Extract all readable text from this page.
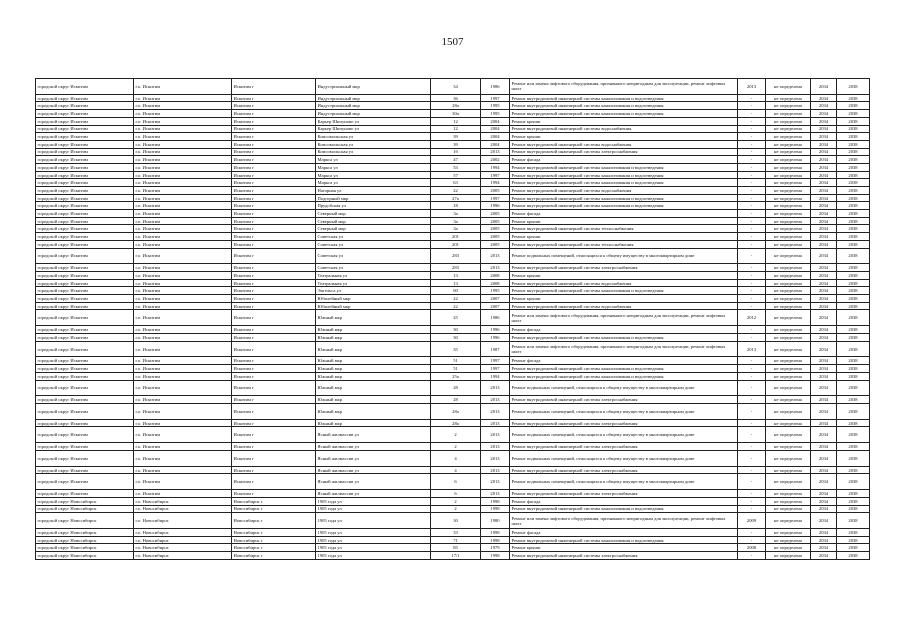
1507
городской округ Искитим	г.о. Искитим	Искитим г	Индустриальный мкр	34	1986	Ремонт или замена лифтового оборудования, признанного непригодным для эксплуатации, ремонт лифтовых шахт	2013	не определена	2034	2038
городской округ Искитим	г.о. Искитим	Искитим г	Индустриальный мкр	36	1997	Ремонт внутридомовой инженерной системы канализования и водоотведения	-	не определена	2034	2038
городской округ Искитим	г.о. Искитим	Искитим г	Индустриальный мкр	28а	1995	Ремонт внутридомовой инженерной системы канализования и водоотведения	-	не определена	2034	2038
городской округ Искитим	г.о. Искитим	Искитим г	Индустриальный мкр	30а	1995	Ремонт внутридомовой инженерной системы канализования и водоотведения	-	не определена	2034	2038
городской округ Искитим	г.о. Искитим	Искитим г	Карьер Шипуново ул	12	2004	Ремонт крыши	-	не определена	2034	2038
городской округ Искитим	г.о. Искитим	Искитим г	Карьер Шипуново ул	12	2004	Ремонт внутридомовой инженерной системы водоснабжения	-	не определена	2034	2038
городской округ Искитим	г.о. Искитим	Искитим г	Комсомольская ул	39	2004	Ремонт крыши	-	не определена	2034	2038
городской округ Искитим	г.о. Искитим	Искитим г	Комсомольская ул	39	2004	Ремонт внутридомовой инженерной системы водоснабжения	-	не определена	2034	2038
городской округ Искитим	г.о. Искитим	Искитим г	Комсомольская ул	1б	2013	Ремонт внутридомовой инженерной системы электроснабжения	-	не определена	2034	2038
городской округ Искитим	г.о. Искитим	Искитим г	Маркса ул	47	2002	Ремонт фасада	-	не определена	2034	2038
городской округ Искитим	г.о. Искитим	Искитим г	Маркса ул	53	1994	Ремонт внутридомовой инженерной системы канализования и водоотведения	-	не определена	2034	2038
городской округ Искитим	г.о. Искитим	Искитим г	Маркса ул	57	1997	Ремонт внутридомовой инженерной системы канализования и водоотведения	-	не определена	2034	2038
городской округ Искитим	г.о. Искитим	Искитим г	Маркса ул	63	1994	Ремонт внутридомовой инженерной системы канализования и водоотведения	-	не определена	2034	2038
городской округ Искитим	г.о. Искитим	Искитим г	Нагорная ул	22	2005	Ремонт внутридомовой инженерной системы водоснабжения	-	не определена	2034	2038
городской округ Искитим	г.о. Искитим	Искитим г	Подгорный мкр	27а	1997	Ремонт внутридомовой инженерной системы канализования и водоотведения	-	не определена	2034	2038
городской округ Искитим	г.о. Искитим	Искитим г	Прудобская ул	18	1996	Ремонт внутридомовой инженерной системы канализования и водоотведения	-	не определена	2034	2038
городской округ Искитим	г.о. Искитим	Искитим г	Северный мкр	3а	2005	Ремонт фасада	-	не определена	2034	2038
городской округ Искитим	г.о. Искитим	Искитим г	Северный мкр	3а	2005	Ремонт крыши	-	не определена	2034	2038
городской округ Искитим	г.о. Искитим	Искитим г	Северный мкр	3а	2005	Ремонт внутридомовой инженерной системы теплоснабжения	-	не определена	2034	2038
городской округ Искитим	г.о. Искитим	Искитим г	Советская ул	201	2005	Ремонт крыши	-	не определена	2034	2038
городской округ Искитим	г.о. Искитим	Искитим г	Советская ул	201	2005	Ремонт внутридомовой инженерной системы теплоснабжения	-	не определена	2034	2038
городской округ Искитим	г.о. Искитим	Искитим г	Советская ул	283	2013	Ремонт подвальных помещений, относящихся к общему имуществу в многоквартирном доме	-	не определена	2034	2038
городской округ Искитим	г.о. Искитим	Искитим г	Советская ул	283	2013	Ремонт внутридомовой инженерной системы электроснабжения	-	не определена	2034	2038
городской округ Искитим	г.о. Искитим	Искитим г	Театральная ул	13	2008	Ремонт крыши	-	не определена	2034	2038
городской округ Искитим	г.о. Искитим	Искитим г	Театральная ул	13	2008	Ремонт внутридомовой инженерной системы водоснабжения	-	не определена	2034	2038
городской округ Искитим	г.о. Искитим	Искитим г	Энгельса ул	60	1995	Ремонт внутридомовой инженерной системы канализования и водоотведения	-	не определена	2034	2038
городской округ Искитим	г.о. Искитим	Искитим г	Юбилейный мкр	22	2007	Ремонт крыши	-	не определена	2034	2038
городской округ Искитим	г.о. Искитим	Искитим г	Юбилейный мкр	22	2007	Ремонт внутридомовой инженерной системы водоснабжения	-	не определена	2034	2038
городской округ Искитим	г.о. Искитим	Искитим г	Южный мкр	25	1986	Ремонт или замена лифтового оборудования, признанного непригодным для эксплуатации, ремонт лифтовых шахт	2012	не определена	2034	2038
городской округ Искитим	г.о. Искитим	Искитим г	Южный мкр	30	1996	Ремонт фасада	-	не определена	2034	2038
городской округ Искитим	г.о. Искитим	Искитим г	Южный мкр	30	1996	Ремонт внутридомовой инженерной системы канализования и водоотведения	-	не определена	2034	2038
городской округ Искитим	г.о. Искитим	Искитим г	Южный мкр	35	1987	Ремонт или замена лифтового оборудования, признанного непригодным для эксплуатации, ремонт лифтовых шахт	2013	не определена	2034	2038
городской округ Искитим	г.о. Искитим	Искитим г	Южный мкр	51	1997	Ремонт фасада	-	не определена	2034	2038
городской округ Искитим	г.о. Искитим	Искитим г	Южный мкр	51	1997	Ремонт внутридомовой инженерной системы канализования и водоотведения	-	не определена	2034	2038
городской округ Искитим	г.о. Искитим	Искитим г	Южный мкр	25а	1994	Ремонт внутридомовой инженерной системы канализования и водоотведения	-	не определена	2034	2038
городской округ Искитим	г.о. Искитим	Искитим г	Южный мкр	28	2013	Ремонт подвальных помещений, относящихся к общему имуществу в многоквартирном доме	-	не определена	2034	2038
городской округ Искитим	г.о. Искитим	Искитим г	Южный мкр	28	2013	Ремонт внутридомовой инженерной системы электроснабжения	-	не определена	2034	2038
городской округ Искитим	г.о. Искитим	Искитим г	Южный мкр	28а	2013	Ремонт подвальных помещений, относящихся к общему имуществу в многоквартирном доме	-	не определена	2034	2038
городской округ Искитим	г.о. Искитим	Искитим г	Южный мкр	28а	2013	Ремонт внутридомовой инженерной системы электроснабжения	-	не определена	2034	2038
городской округ Искитим	г.о. Искитим	Искитим г	Ясный жилмассив ул	2	2013	Ремонт подвальных помещений, относящихся к общему имуществу в многоквартирном доме	-	не определена	2034	2038
городской округ Искитим	г.о. Искитим	Искитим г	Ясный жилмассив ул	2	2013	Ремонт внутридомовой инженерной системы электроснабжения	-	не определена	2034	2038
городской округ Искитим	г.о. Искитим	Искитим г	Ясный жилмассив ул	4	2013	Ремонт подвальных помещений, относящихся к общему имуществу в многоквартирном доме	-	не определена	2034	2038
городской округ Искитим	г.о. Искитим	Искитим г	Ясный жилмассив ул	4	2013	Ремонт внутридомовой инженерной системы электроснабжения	-	не определена	2034	2038
городской округ Искитим	г.о. Искитим	Искитим г	Ясный жилмассив ул	6	2013	Ремонт подвальных помещений, относящихся к общему имуществу в многоквартирном доме	-	не определена	2034	2038
городской округ Искитим	г.о. Искитим	Искитим г	Ясный жилмассив ул	6	2013	Ремонт внутридомовой инженерной системы электроснабжения	-	не определена	2034	2038
городской округ Новосибирск	г.о. Новосибирск	Новосибирск г	1905 года ул	2	1998	Ремонт фасада	-	не определена	2034	2038
городской округ Новосибирск	г.о. Новосибирск	Новосибирск г	1905 года ул	2	1998	Ремонт внутридомовой инженерной системы канализования и водоотведения	-	не определена	2034	2038
городской округ Новосибирск	г.о. Новосибирск	Новосибирск г	1905 года ул	30	1980	Ремонт или замена лифтового оборудования, признанного непригодным для эксплуатации, ремонт лифтовых шахт	2009	не определена	2034	2038
городской округ Новосибирск	г.о. Новосибирск	Новосибирск г	1905 года ул	33	1998	Ремонт фасада	-	не определена	2034	2038
городской округ Новосибирск	г.о. Новосибирск	Новосибирск г	1905 года ул	71	1998	Ремонт внутридомовой инженерной системы канализования и водоотведения	-	не определена	2034	2038
городской округ Новосибирск	г.о. Новосибирск	Новосибирск г	1905 года ул	85	1979	Ремонт крыши	2008	не определена	2034	2038
городской округ Новосибирск	г.о. Новосибирск	Новосибирск г	1905 года ул	17/1	1998	Ремонт внутридомовой инженерной системы электроснабжения	-	не определена	2034	2038
